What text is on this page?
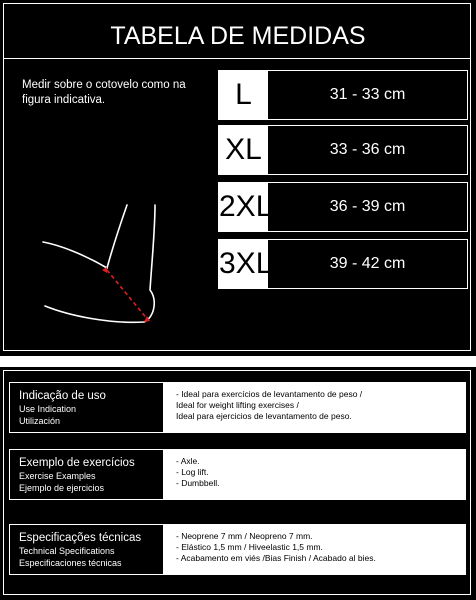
TABELA DE MEDIDAS
Medir sobre o cotovelo como na figura indicativa.	L	31 - 33 cm
XL	33 - 36 cm
2XL	36 - 39 cm
3XL	39 - 42 cm
Indicação de uso
Use Indication
Utilización
- Ideal para exercícios de levantamento de peso /
Ideal for weight lifting exercises /
Ideal para ejercicios de levantamento de peso.
Exemplo de exercícios
Exercise Examples
Ejemplo de ejercicios
- Axle.
- Log lift.
- Dumbbell.
Especificações técnicas
Technical Specifications
Especificaciones técnicas
- Neoprene 7 mm / Neopreno 7 mm.
- Elástico 1,5 mm / Hiveelastic 1,5 mm.
- Acabamento em viés /Bias Finish / Acabado al bies.
